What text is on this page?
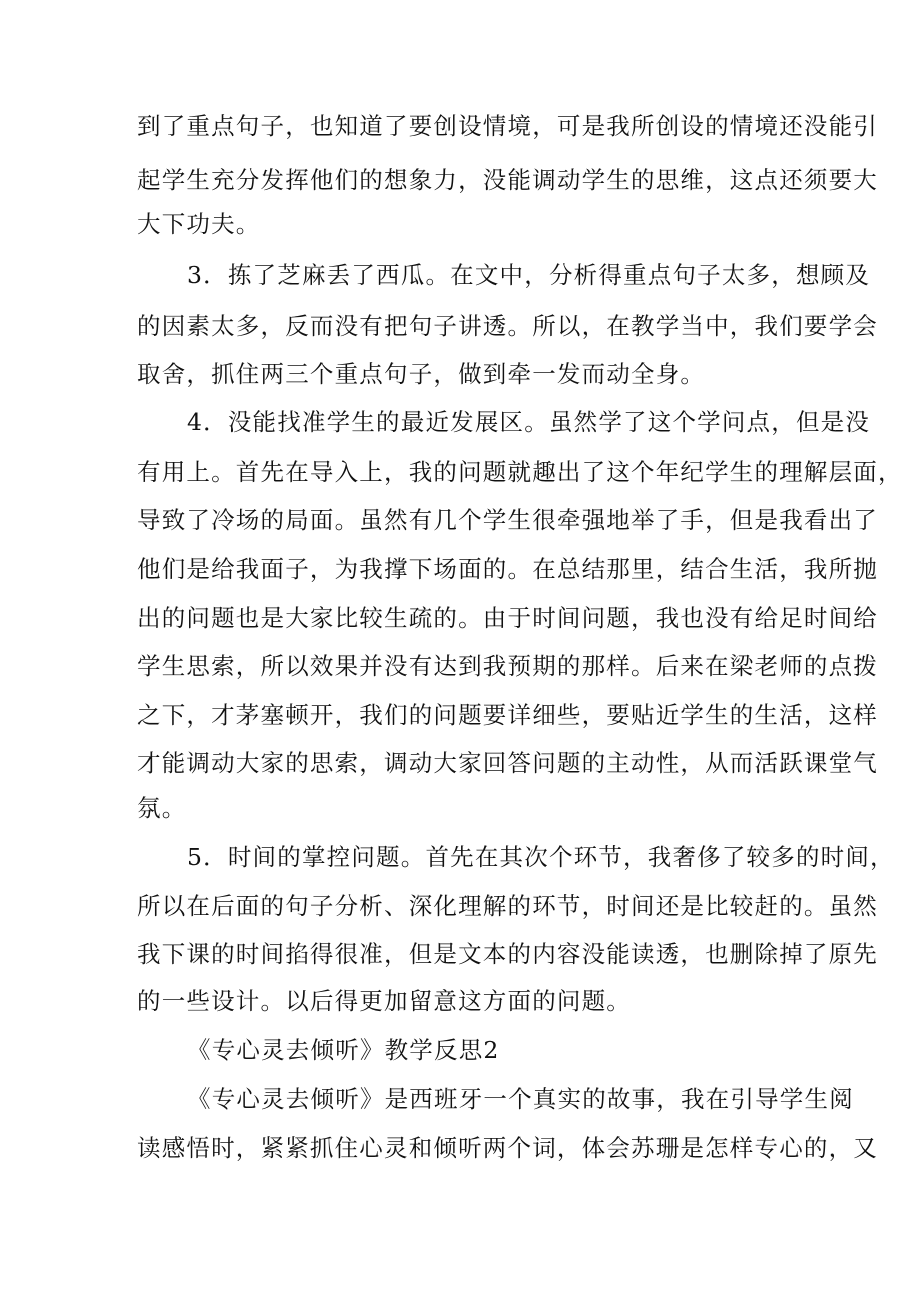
到了重点句子，也知道了要创设情境，可是我所创设的情境还没能引
起学生充分发挥他们的想象力，没能调动学生的思维，这点还须要大
大下功夫。
3．拣了芝麻丢了西瓜。在文中，分析得重点句子太多，想顾及
的因素太多，反而没有把句子讲透。所以，在教学当中，我们要学会
取舍，抓住两三个重点句子，做到牵一发而动全身。
4．没能找准学生的最近发展区。虽然学了这个学问点，但是没
有用上。首先在导入上，我的问题就趣出了这个年纪学生的理解层面，
导致了冷场的局面。虽然有几个学生很牵强地举了手，但是我看出了
他们是给我面子，为我撑下场面的。在总结那里，结合生活，我所抛
出的问题也是大家比较生疏的。由于时间问题，我也没有给足时间给
学生思索，所以效果并没有达到我预期的那样。后来在梁老师的点拨
之下，才茅塞顿开，我们的问题要详细些，要贴近学生的生活，这样
才能调动大家的思索，调动大家回答问题的主动性，从而活跃课堂气
氛。
5．时间的掌控问题。首先在其次个环节，我奢侈了较多的时间，
所以在后面的句子分析、深化理解的环节，时间还是比较赶的。虽然
我下课的时间掐得很准，但是文本的内容没能读透，也删除掉了原先
的一些设计。以后得更加留意这方面的问题。
《专心灵去倾听》教学反思2
《专心灵去倾听》是西班牙一个真实的故事，我在引导学生阅
读感悟时，紧紧抓住心灵和倾听两个词，体会苏珊是怎样专心的，又
